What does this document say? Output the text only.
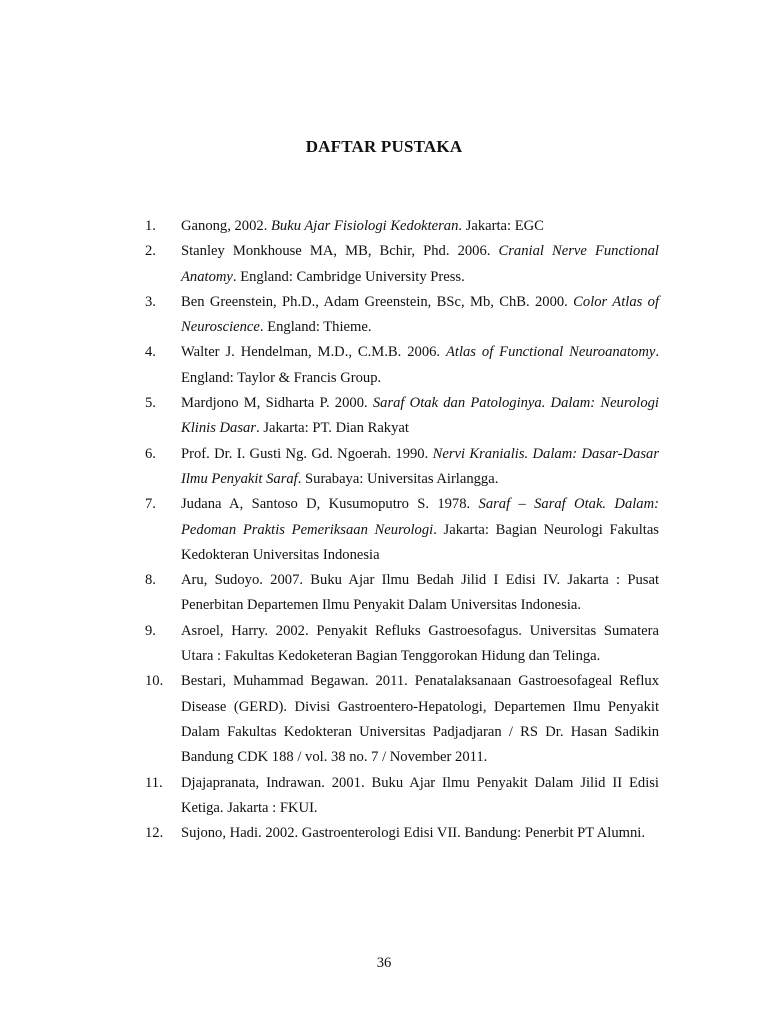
DAFTAR PUSTAKA
1. Ganong, 2002. Buku Ajar Fisiologi Kedokteran. Jakarta: EGC
2. Stanley Monkhouse MA, MB, Bchir, Phd. 2006. Cranial Nerve Functional Anatomy. England: Cambridge University Press.
3. Ben Greenstein, Ph.D., Adam Greenstein, BSc, Mb, ChB. 2000. Color Atlas of Neuroscience. England: Thieme.
4. Walter J. Hendelman, M.D., C.M.B. 2006. Atlas of Functional Neuroanatomy. England: Taylor & Francis Group.
5. Mardjono M, Sidharta P. 2000. Saraf Otak dan Patologinya. Dalam: Neurologi Klinis Dasar. Jakarta: PT. Dian Rakyat
6. Prof. Dr. I. Gusti Ng. Gd. Ngoerah. 1990. Nervi Kranialis. Dalam: Dasar-Dasar Ilmu Penyakit Saraf. Surabaya: Universitas Airlangga.
7. Judana A, Santoso D, Kusumoputro S. 1978. Saraf – Saraf Otak. Dalam: Pedoman Praktis Pemeriksaan Neurologi. Jakarta: Bagian Neurologi Fakultas Kedokteran Universitas Indonesia
8. Aru, Sudoyo. 2007. Buku Ajar Ilmu Bedah Jilid I Edisi IV. Jakarta : Pusat Penerbitan Departemen Ilmu Penyakit Dalam Universitas Indonesia.
9. Asroel, Harry. 2002. Penyakit Refluks Gastroesofagus. Universitas Sumatera Utara : Fakultas Kedoketeran Bagian Tenggorokan Hidung dan Telinga.
10. Bestari, Muhammad Begawan. 2011. Penatalaksanaan Gastroesofageal Reflux Disease (GERD). Divisi Gastroentero-Hepatologi, Departemen Ilmu Penyakit Dalam Fakultas Kedokteran Universitas Padjadjaran / RS Dr. Hasan Sadikin Bandung CDK 188 / vol. 38 no. 7 / November 2011.
11. Djajapranata, Indrawan. 2001. Buku Ajar Ilmu Penyakit Dalam Jilid II Edisi Ketiga. Jakarta : FKUI.
12. Sujono, Hadi. 2002. Gastroenterologi Edisi VII. Bandung: Penerbit PT Alumni.
36
